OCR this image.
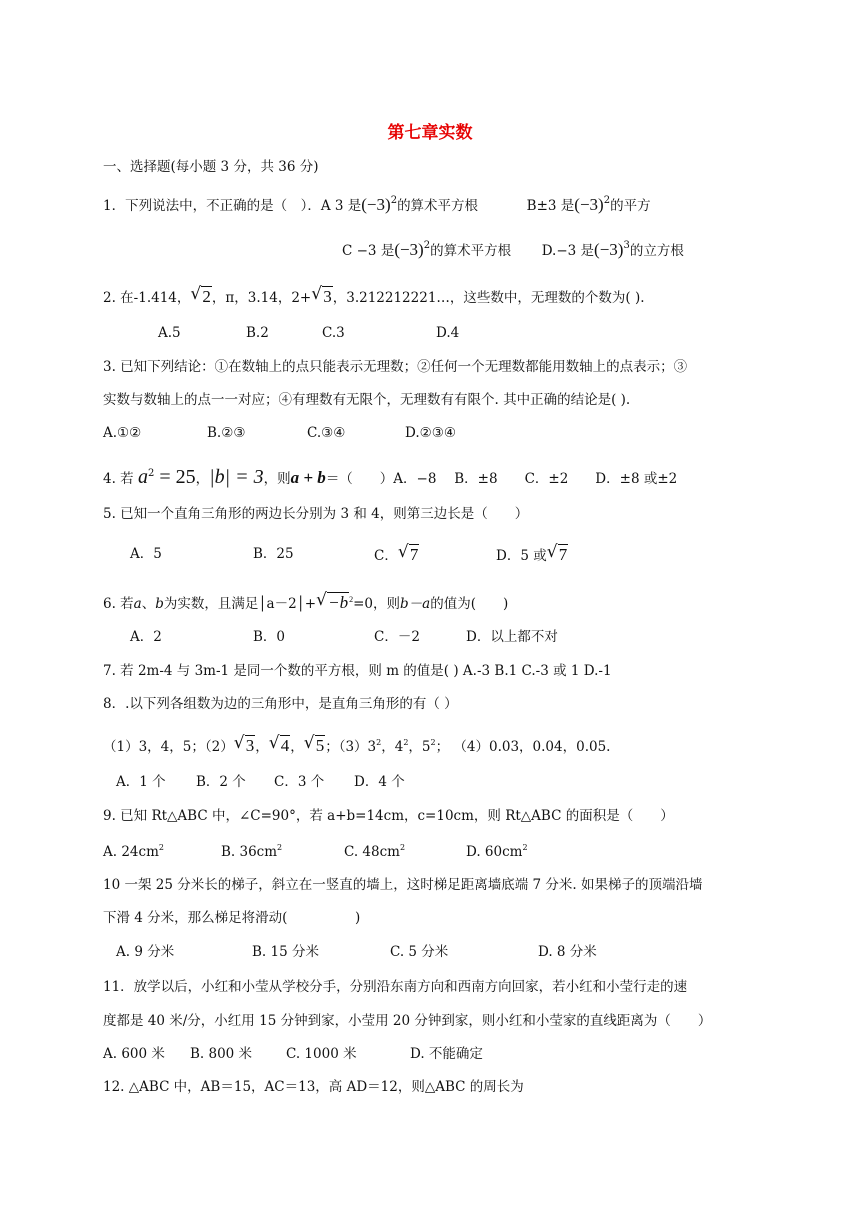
第七章实数
一、选择题(每小题 3 分，共 36 分)
1．下列说法中，不正确的是（　）．A 3 是$(-3)^2$的算术平方根	B±3 是$(-3)^2$的平方
C −3 是$(-3)^2$的算术平方根 D.−3 是$(-3)^3$的立方根
2. 在-1.414， √ 2，π，3.14，2+ √ 3，3.212212221…，这些数中，无理数的个数为( ).
A.5	B.2	C.3	D.4
3. 已知下列结论：①在数轴上的点只能表示无理数；②任何一个无理数都能用数轴上的点表示；③
实数与数轴上的点一一对应；④有理数有无限个，无理数有有限个. 其中正确的结论是( ).
A.①②	B.②③	C.③④	D.②③④
4. 若 $a^2 = 25$，|b| = 3，则a + b＝（　　）A．−8　 B．±8　　C．±2　　D．±8 或±2
5. 已知一个直角三角形的两边长分别为 3 和 4，则第三边长是（　　）
A．5	B．25	C． √ 7	D．5 或 √ 7
6. 若a、b为实数，且满足│a－2│+ √ $-b^2=0$，则b－a的值为(　　)
A．2	B．0	C．－2	D．以上都不对
7. 若 2m-4 与 3m-1 是同一个数的平方根，则 m 的值是( ) A.-3 B.1 C.-3 或 1 D.-1
8．.以下列各组数为边的三角形中，是直角三角形的有（ ）
（1）3，4，5；（2） √ 3， √ 4， √ 5；$(3)3^2$，$4^2$，$5^2$； （4）0.03，0.04，0.05.
A．1 个 B．2 个 C．3 个 D．4 个
9. 已知 Rt△ABC 中，∠C=90°，若 a+b=14cm，c=10cm，则 Rt△ABC 的面积是（　　）
A. $24cm^2$	B. $36cm^2$	C. $48cm^2$	D. $60cm^2$
10 一架 25 分米长的梯子，斜立在一竖直的墙上，这时梯足距离墙底端 7 分米. 如果梯子的顶端沿墙
下滑 4 分米，那么梯足将滑动(　　　　　)
A. 9 分米	B. 15 分米	C. 5 分米	D. 8 分米
11．放学以后，小红和小莹从学校分手，分别沿东南方向和西南方向回家，若小红和小莹行走的速
度都是 40 米/分，小红用 15 分钟到家，小莹用 20 分钟到家，则小红和小莹家的直线距离为（　　）
A. 600 米 B. 800 米	C. 1000 米	D. 不能确定
12. △ABC 中，AB＝15，AC＝13，高 AD＝12，则△ABC 的周长为
